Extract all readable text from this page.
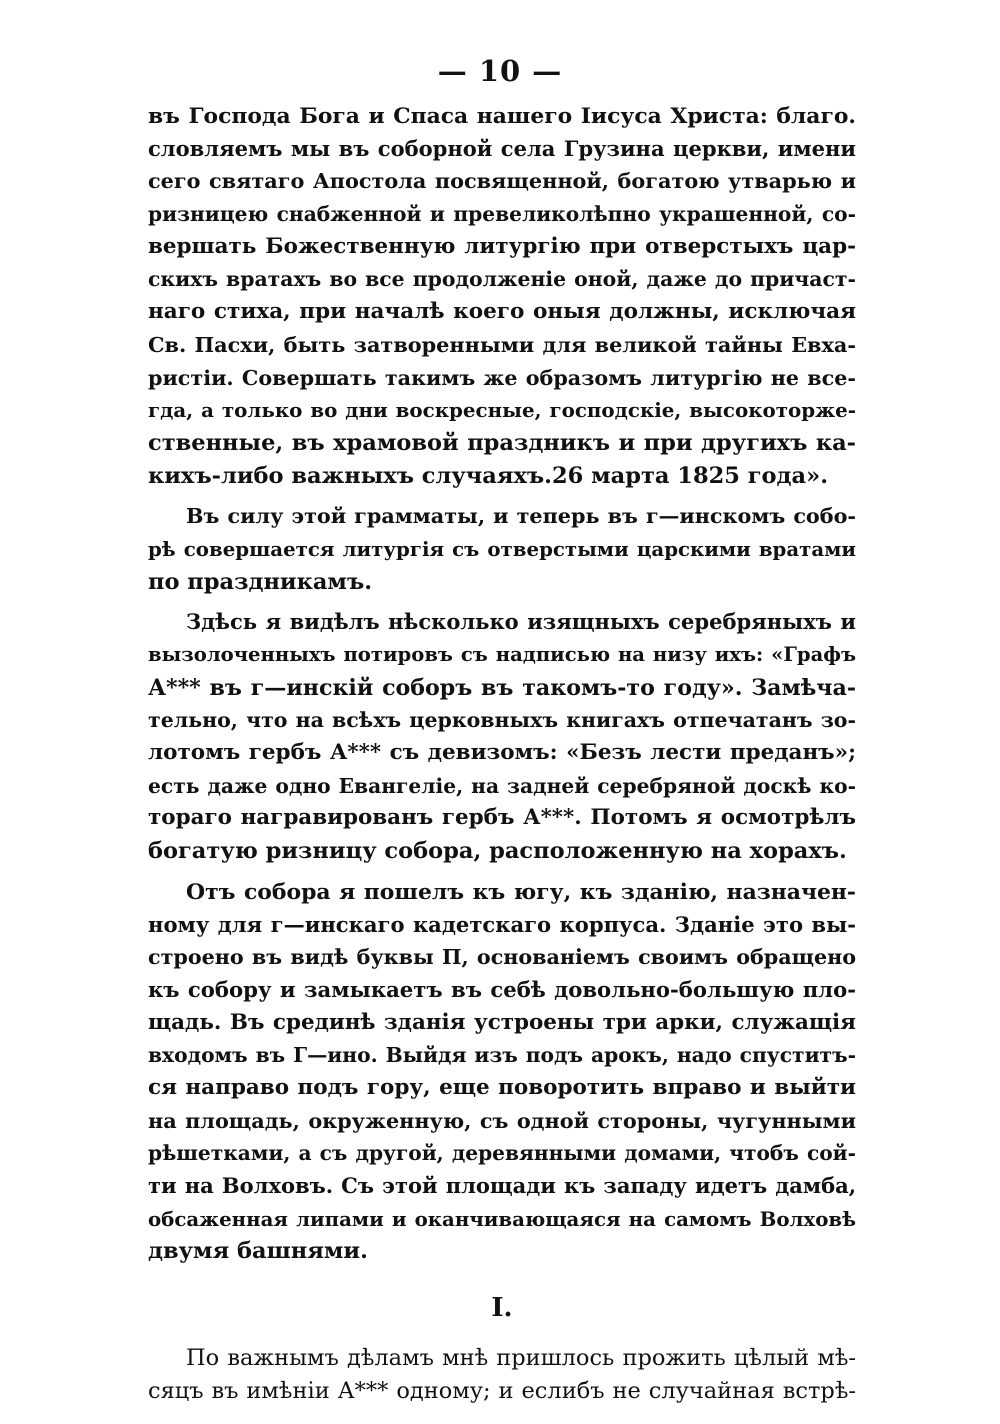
— 10 —
въ Господа Бога и Спаса нашего Іисуса Христа: благо.
словляемъ мы въ соборной села Грузина церкви, имени
сего святаго Апостола посвященной, богатою утварью и
ризницею снабженной и превеликолѣпно украшенной, со-
вершать Божественную литургію при отверстыхъ цар-
скихъ вратахъ во все продолженіе оной, даже до причаст-
наго стиха, при началѣ коего оныя должны, исключая
Св. Пасхи, быть затворенными для великой тайны Евха-
ристіи. Совершать такимъ же образомъ литургію не все-
гда, а только во дни воскресные, господскіе, высокоторже-
ственные, въ храмовой праздникъ и при другихъ ка-
кихъ-либо важныхъ случаяхъ.26 марта 1825 года».
Въ силу этой грамматы, и теперь въ г—инскомъ собо-
рѣ совершается литургія съ отверстыми царскими вратами
по праздникамъ.
Здѣсь я видѣлъ нѣсколько изящныхъ серебряныхъ и
вызолоченныхъ потировъ съ надписью на низу ихъ: «Графъ
А*** въ г—инскій соборъ въ такомъ-то году». Замѣча-
тельно, что на всѣхъ церковныхъ книгахъ отпечатанъ зо-
лотомъ гербъ А*** съ девизомъ: «Безъ лести преданъ»;
есть даже одно Евангеліе, на задней серебряной доскѣ ко-
тораго награвированъ гербъ А***. Потомъ я осмотрѣлъ
богатую ризницу собора, расположенную на хорахъ.
Отъ собора я пошелъ къ югу, къ зданію, назначен-
ному для г—инскаго кадетскаго корпуса. Зданіе это вы-
строено въ видѣ буквы П, основаніемъ своимъ обращено
къ собору и замыкаетъ въ себѣ довольно-большую пло-
щадь. Въ срединѣ зданія устроены три арки, служащія
входомъ въ Г—ино. Выйдя изъ подъ арокъ, надо спуститъ-
ся направо подъ гору, еще поворотить вправо и выйти
на площадь, окруженную, съ одной стороны, чугунными
рѣшетками, а съ другой, деревянными домами, чтобъ сой-
ти на Волховъ. Съ этой площади къ западу идетъ дамба,
обсаженная липами и оканчивающаяся на самомъ Волховѣ
двумя башнями.
I.
По важнымъ дѣламъ мнѣ пришлось прожить цѣлый мѣ-
сяцъ въ имѣніи А*** одному; и еслибъ не случайная встрѣ-
